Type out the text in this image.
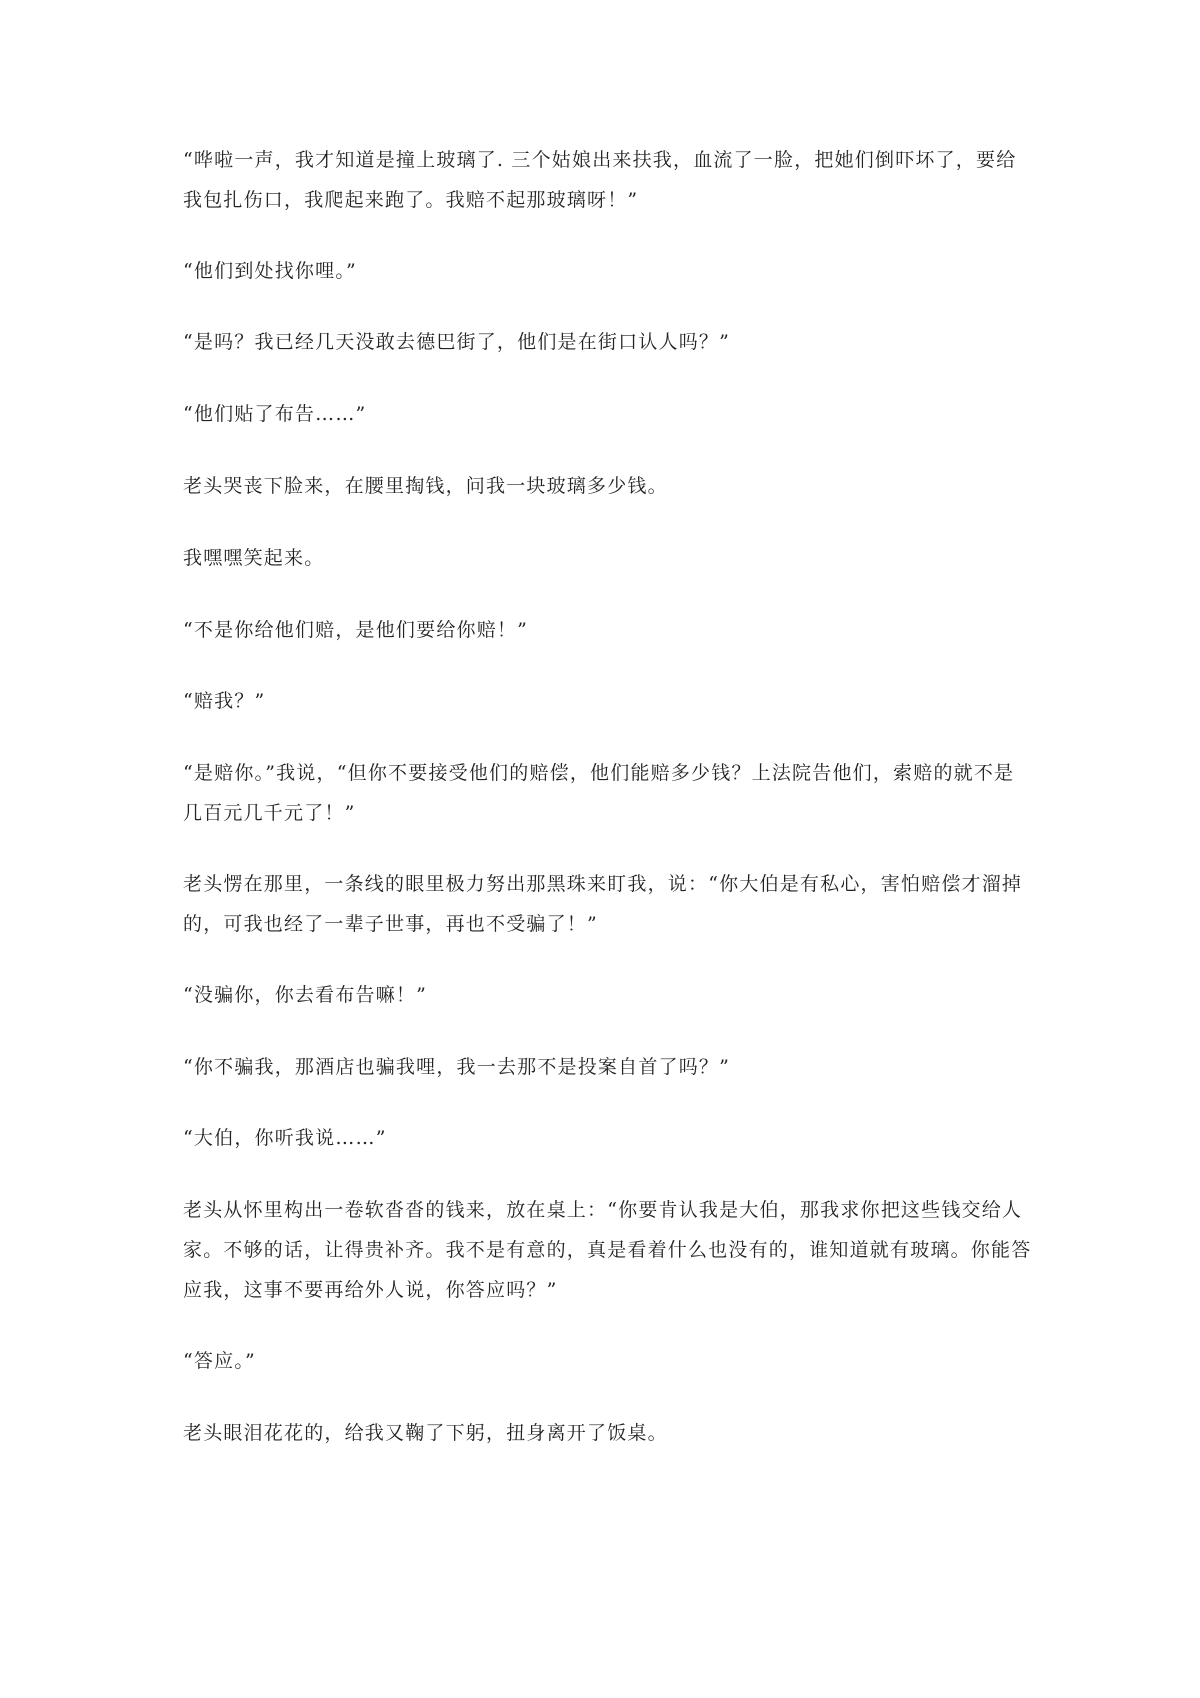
“哗啦一声，我才知道是撞上玻璃了. 三个姑娘出来扶我，血流了一脸，把她们倒吓坏了，要给我包扎伤口，我爬起来跑了。我赔不起那玻璃呀！”

“他们到处找你哩。”

“是吗？我已经几天没敢去德巴街了，他们是在街口认人吗？”

“他们贴了布告……”

老头哭丧下脸来，在腰里掏钱，问我一块玻璃多少钱。

我嘿嘿笑起来。

“不是你给他们赔，是他们要给你赔！”

“赔我？”

“是赔你。”我说，“但你不要接受他们的赔偿，他们能赔多少钱？上法院告他们，索赔的就不是几百元几千元了！”

老头愣在那里，一条线的眼里极力努出那黑珠来盯我，说：“你大伯是有私心，害怕赔偿才溜掉的，可我也经了一辈子世事，再也不受骗了！”

“没骗你，你去看布告嘛！”

“你不骗我，那酒店也骗我哩，我一去那不是投案自首了吗？”

“大伯，你听我说……”

老头从怀里构出一卷软沓沓的钱来，放在桌上：“你要肯认我是大伯，那我求你把这些钱交给人家。不够的话，让得贵补齐。我不是有意的，真是看着什么也没有的，谁知道就有玻璃。你能答应我，这事不要再给外人说，你答应吗？”

“答应。”

老头眼泪花花的，给我又鞠了下躬，扭身离开了饭桌。
